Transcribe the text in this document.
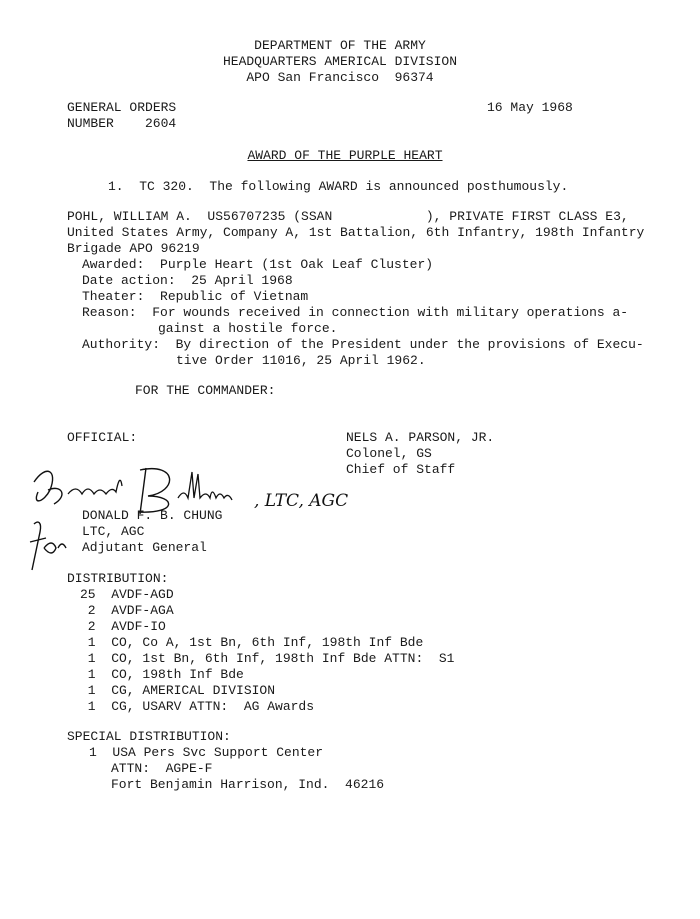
DEPARTMENT OF THE ARMY
HEADQUARTERS AMERICAL DIVISION
APO San Francisco  96374
GENERAL ORDERS
NUMBER 2604
16 May 1968
AWARD OF THE PURPLE HEART
1.  TC 320.  The following AWARD is announced posthumously.
POHL, WILLIAM A.  US56707235 (SSAN            ), PRIVATE FIRST CLASS E3,
United States Army, Company A, 1st Battalion, 6th Infantry, 198th Infantry
Brigade APO 96219
Awarded:  Purple Heart (1st Oak Leaf Cluster)
Date action:  25 April 1968
Theater:  Republic of Vietnam
Reason:  For wounds received in connection with military operations a-
gainst a hostile force.
Authority:  By direction of the President under the provisions of Execu-
tive Order 11016, 25 April 1962.
FOR THE COMMANDER:
OFFICIAL:	NELS A. PARSON, JR.
Colonel, GS
Chief of Staff
, LTC, AGC
DONALD F. B. CHUNG
LTC, AGC
Adjutant General
DISTRIBUTION:
25  AVDF-AGD
2  AVDF-AGA
2  AVDF-IO
1  CO, Co A, 1st Bn, 6th Inf, 198th Inf Bde
1  CO, 1st Bn, 6th Inf, 198th Inf Bde ATTN:  S1
1  CO, 198th Inf Bde
1  CG, AMERICAL DIVISION
1  CG, USARV ATTN:  AG Awards
SPECIAL DISTRIBUTION:
1  USA Pers Svc Support Center
ATTN:  AGPE-F
Fort Benjamin Harrison, Ind.  46216
